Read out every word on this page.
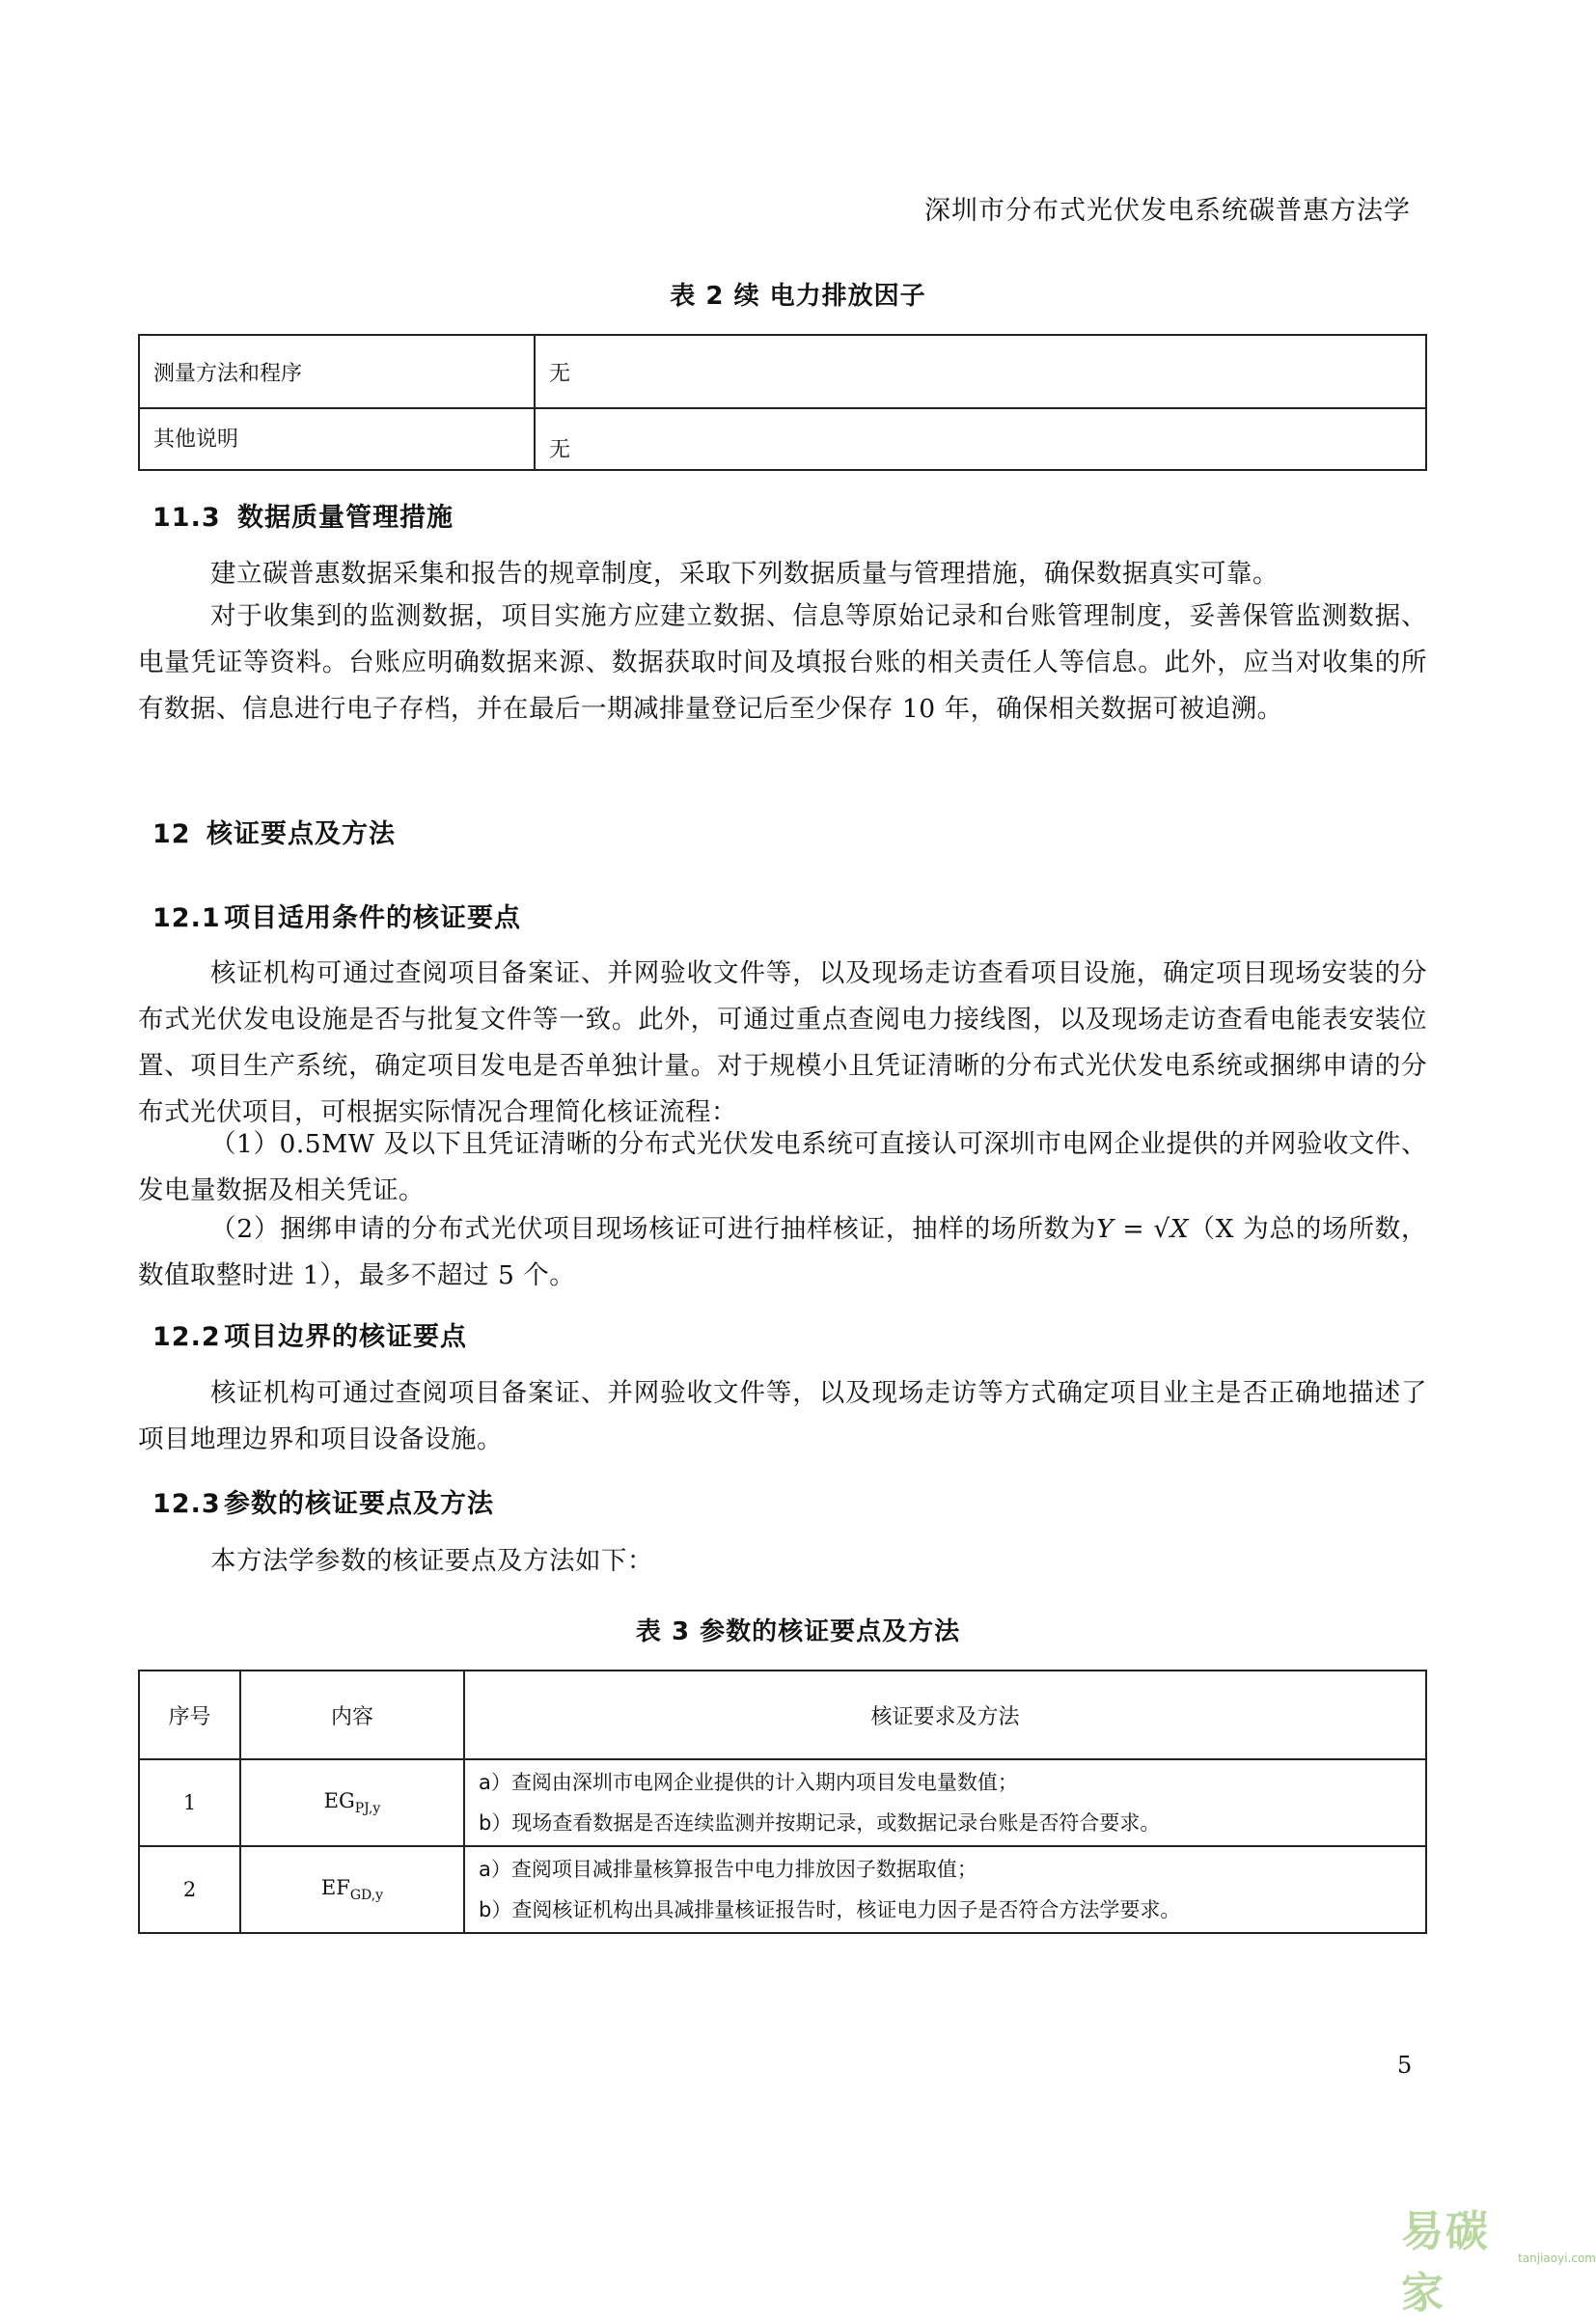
深圳市分布式光伏发电系统碳普惠方法学
表 2 续 电力排放因子
测量方法和程序	无
其他说明	无
11.3 数据质量管理措施

建立碳普惠数据采集和报告的规章制度，采取下列数据质量与管理措施，确保数据真实可靠。

对于收集到的监测数据，项目实施方应建立数据、信息等原始记录和台账管理制度，妥善保管监测数据、电量凭证等资料。台账应明确数据来源、数据获取时间及填报台账的相关责任人等信息。此外，应当对收集的所有数据、信息进行电子存档，并在最后一期减排量登记后至少保存 10 年，确保相关数据可被追溯。

12 核证要点及方法
12.1 项目适用条件的核证要点

核证机构可通过查阅项目备案证、并网验收文件等，以及现场走访查看项目设施，确定项目现场安装的分布式光伏发电设施是否与批复文件等一致。此外，可通过重点查阅电力接线图，以及现场走访查看电能表安装位置、项目生产系统，确定项目发电是否单独计量。对于规模小且凭证清晰的分布式光伏发电系统或捆绑申请的分布式光伏项目，可根据实际情况合理简化核证流程：

（1）0.5MW 及以下且凭证清晰的分布式光伏发电系统可直接认可深圳市电网企业提供的并网验收文件、发电量数据及相关凭证。

（2）捆绑申请的分布式光伏项目现场核证可进行抽样核证，抽样的场所数为Y = √X（X 为总的场所数，数值取整时进 1），最多不超过 5 个。

12.2 项目边界的核证要点

核证机构可通过查阅项目备案证、并网验收文件等，以及现场走访等方式确定项目业主是否正确地描述了项目地理边界和项目设备设施。

12.3 参数的核证要点及方法

本方法学参数的核证要点及方法如下：

表 3 参数的核证要点及方法
序号	内容	核证要求及方法
1	$EG_{PJ,y}$	a）查阅由深圳市电网企业提供的计入期内项目发电量数值；
b）现场查看数据是否连续监测并按期记录，或数据记录台账是否符合要求。

2	$EF_{GD,y}$	a）查阅项目减排量核算报告中电力排放因子数据取值；
b）查阅核证机构出具减排量核证报告时，核证电力因子是否符合方法学要求。
5
易碳家
tanjiaoyi.com
